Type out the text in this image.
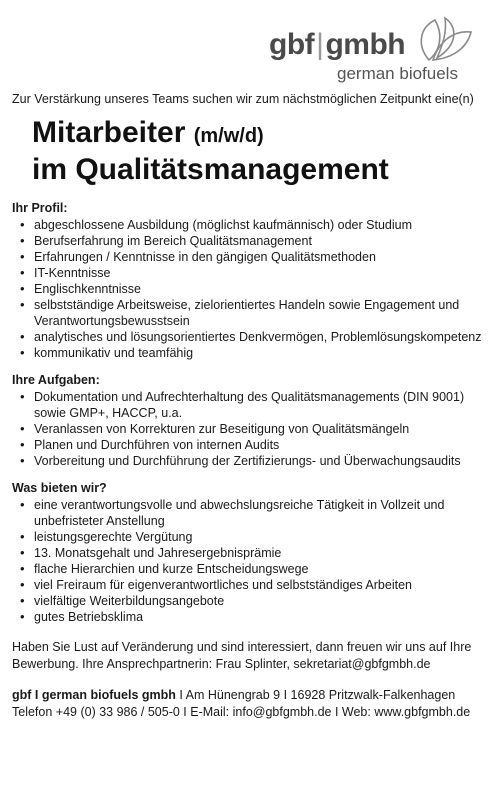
gbf|gmbh
german biofuels

Zur Verstärkung unseres Teams suchen wir zum nächstmöglichen Zeitpunkt eine(n)

Mitarbeiter (m/w/d)
im Qualitätsmanagement
Ihr Profil:
• abgeschlossene Ausbildung (möglichst kaufmännisch) oder Studium
• Berufserfahrung im Bereich Qualitätsmanagement
• Erfahrungen / Kenntnisse in den gängigen Qualitätsmethoden
• IT-Kenntnisse
• Englischkenntnisse
• selbstständige Arbeitsweise, zielorientiertes Handeln sowie Engagement und Verantwortungsbewusstsein
• analytisches und lösungsorientiertes Denkvermögen, Problemlösungskompetenz
• kommunikativ und teamfähig
Ihre Aufgaben:
• Dokumentation und Aufrechterhaltung des Qualitätsmanagements (DIN 9001) sowie GMP+, HACCP, u.a.
• Veranlassen von Korrekturen zur Beseitigung von Qualitätsmängeln
• Planen und Durchführen von internen Audits
• Vorbereitung und Durchführung der Zertifizierungs- und Überwachungsaudits
Was bieten wir?
• eine verantwortungsvolle und abwechslungsreiche Tätigkeit in Vollzeit und unbefristeter Anstellung
• leistungsgerechte Vergütung
• 13. Monatsgehalt und Jahresergebnisprämie
• flache Hierarchien und kurze Entscheidungswege
• viel Freiraum für eigenverantwortliches und selbstständiges Arbeiten
• vielfältige Weiterbildungsangebote
• gutes Betriebsklima

Haben Sie Lust auf Veränderung und sind interessiert, dann freuen wir uns auf Ihre Bewerbung. Ihre Ansprechpartnerin: Frau Splinter, sekretariat@gbfgmbh.de

gbf I german biofuels gmbh I Am Hünengrab 9 I 16928 Pritzwalk-Falkenhagen
Telefon +49 (0) 33 986 / 505-0 I E-Mail: info@gbfgmbh.de I Web: www.gbfgmbh.de
